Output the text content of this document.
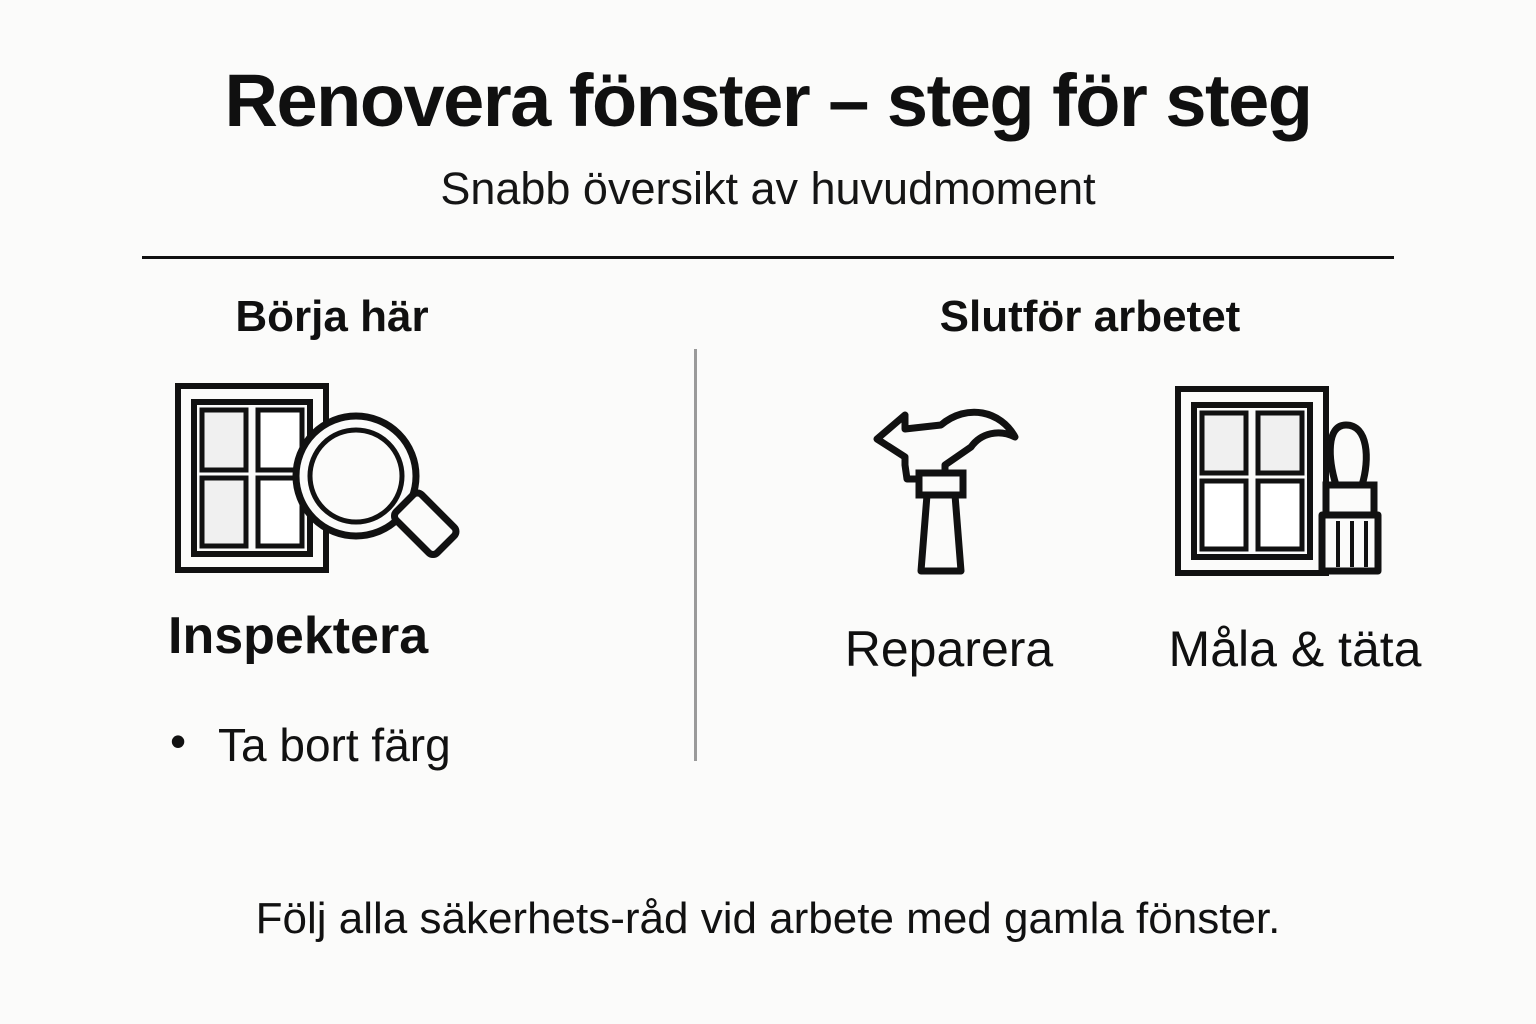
Renovera fönster – steg för steg

Snabb översikt av huvudmoment

Börja här

Inspektera

• Ta bort färg
Slutför arbetet

Reparera	Måla & täta

Följ alla säkerhets-råd vid arbete med gamla fönster.
